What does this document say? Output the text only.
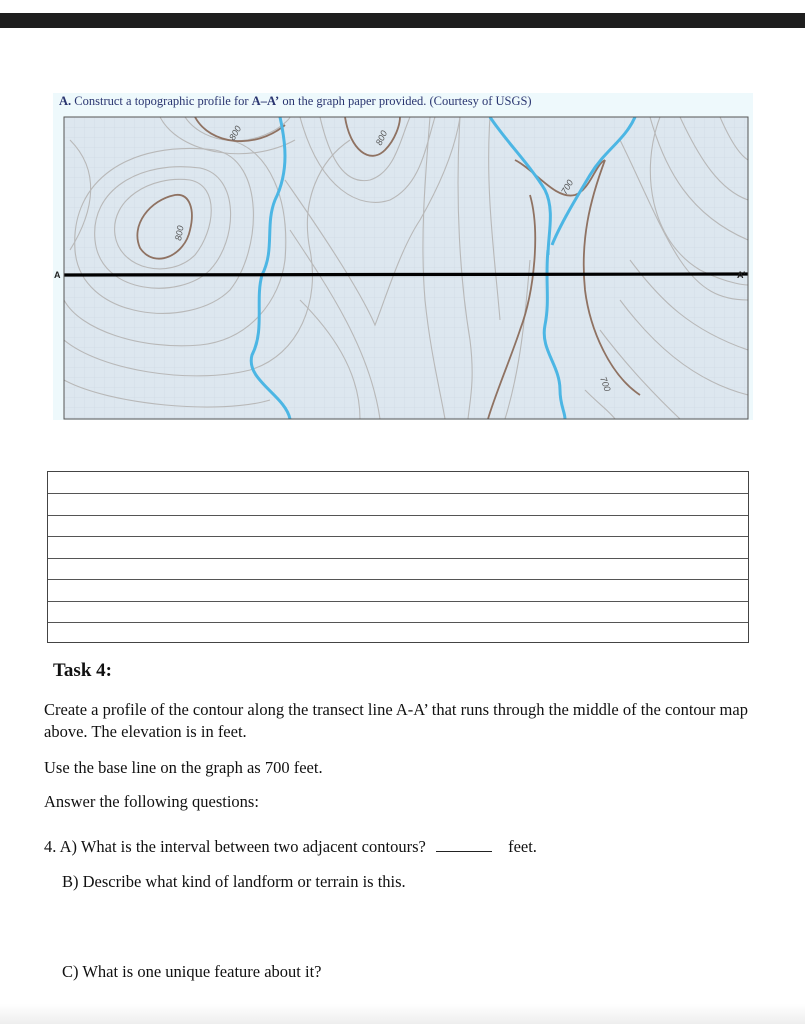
A. Construct a topographic profile for A–A’ on the graph paper provided. (Courtesy of USGS)
A	A’
800	800
800
700
700
Task 4:
Create a profile of the contour along the transect line A-A’ that runs through the middle of the contour map above. The elevation is in feet.
Use the base line on the graph as 700 feet.
Answer the following questions:
4. A) What is the interval between two adjacent contours?	feet.
B) Describe what kind of landform or terrain is this.
C) What is one unique feature about it?
